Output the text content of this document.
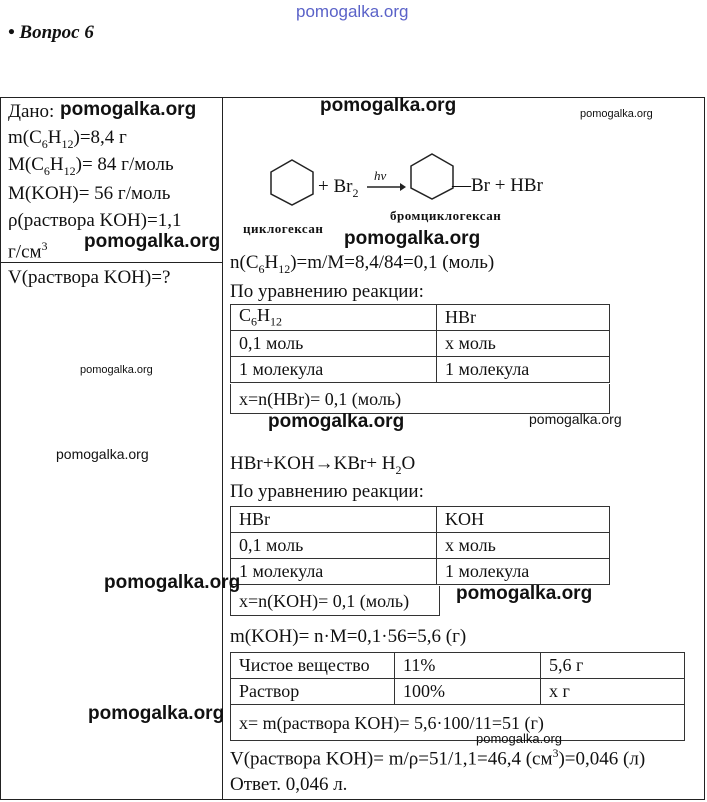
pomogalka.org
• Вопрос 6
Дано:
$m(C_6H_{12})=8,4$ г
$M(C_6H_{12})= 84$ г/моль
M(KOH)= 56 г/моль
ρ(раствора KOH)=1,1
$г/см^3$
V(раствора KOH)=?
+ $Br_2$
hv	—Br + HBr
циклогексан
бромциклогексан
$n(C_6H_{12})=m/M=8,4/84=0,1$ (моль)
По уравнению реакции:
$C_6H_{12}$	HBr
0,1 моль	х моль
1 молекула	1 молекула
x=n(HBr)= 0,1 (моль)
$HBr+KOH\to KBr+ H_2O$
По уравнению реакции:
HBr	KOH
0,1 моль	х моль
1 молекула	1 молекула
x=n(KOH)= 0,1 (моль)
m(KOH)= n·M=0,1·56=5,6 (г)
Чистое вещество	11%	5,6 г
Раствор	100%	х г
х= m(раствора KOH)= 5,6·100/11=51 (г)
V(раствора KOH)= m/ρ=51/1,1=46,4 $(см^3)=0,046$ (л)
Ответ. 0,046 л.
pomogalka.org	pomogalka.org	pomogalka.org
pomogalka.org	pomogalka.org
pomogalka.org
pomogalka.org	pomogalka.org
pomogalka.org
pomogalka.org
pomogalka.org
pomogalka.org
pomogalka.org
